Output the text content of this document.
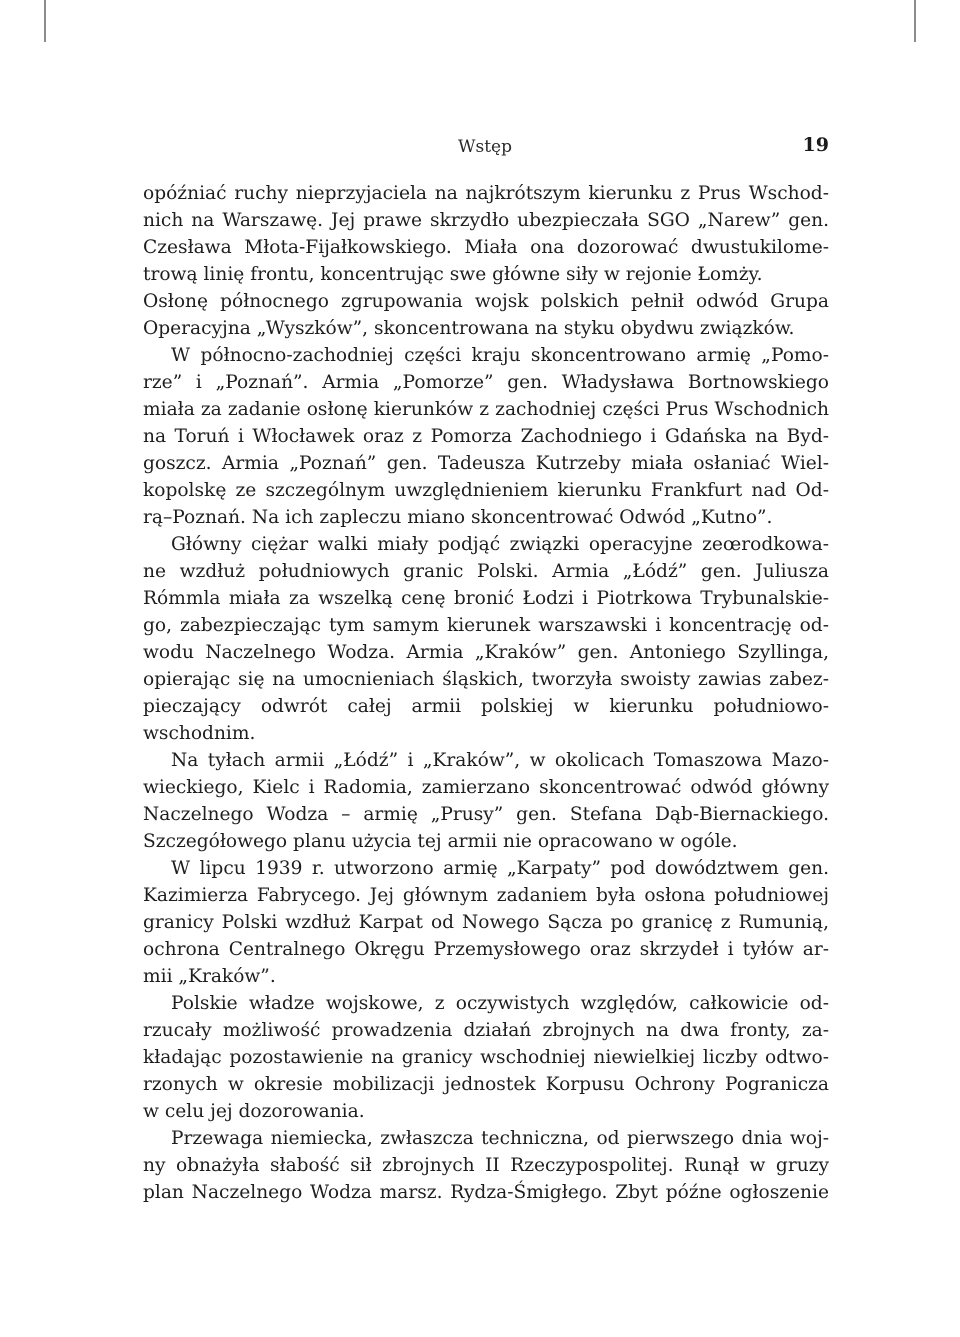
Wstęp	19
opóźniać ruchy nieprzyjaciela na najkrótszym kierunku z Prus Wschod-
nich na Warszawę. Jej prawe skrzydło ubezpieczała SGO „Narew” gen.
Czesława Młota-Fijałkowskiego. Miała ona dozorować dwustukilome-
trową linię frontu, koncentrując swe główne siły w rejonie Łomży.
Osłonę północnego zgrupowania wojsk polskich pełnił odwód Grupa
Operacyjna „Wyszków”, skoncentrowana na styku obydwu związków.
W północno-zachodniej części kraju skoncentrowano armię „Pomo-
rze” i „Poznań”. Armia „Pomorze” gen. Władysława Bortnowskiego
miała za zadanie osłonę kierunków z zachodniej części Prus Wschodnich
na Toruń i Włocławek oraz z Pomorza Zachodniego i Gdańska na Byd-
goszcz. Armia „Poznań” gen. Tadeusza Kutrzeby miała osłaniać Wiel-
kopolskę ze szczególnym uwzględnieniem kierunku Frankfurt nad Od-
rą–Poznań. Na ich zapleczu miano skoncentrować Odwód „Kutno”.
Główny ciężar walki miały podjąć związki operacyjne zeœrodkowa-
ne wzdłuż południowych granic Polski. Armia „Łódź” gen. Juliusza
Rómmla miała za wszelką cenę bronić Łodzi i Piotrkowa Trybunalskie-
go, zabezpieczając tym samym kierunek warszawski i koncentrację od-
wodu Naczelnego Wodza. Armia „Kraków” gen. Antoniego Szyllinga,
opierając się na umocnieniach śląskich, tworzyła swoisty zawias zabez-
pieczający odwrót całej armii polskiej w kierunku południowo-
wschodnim.
Na tyłach armii „Łódź” i „Kraków”, w okolicach Tomaszowa Mazo-
wieckiego, Kielc i Radomia, zamierzano skoncentrować odwód główny
Naczelnego Wodza – armię „Prusy” gen. Stefana Dąb-Biernackiego.
Szczegółowego planu użycia tej armii nie opracowano w ogóle.
W lipcu 1939 r. utworzono armię „Karpaty” pod dowództwem gen.
Kazimierza Fabrycego. Jej głównym zadaniem była osłona południowej
granicy Polski wzdłuż Karpat od Nowego Sącza po granicę z Rumunią,
ochrona Centralnego Okręgu Przemysłowego oraz skrzydeł i tyłów ar-
mii „Kraków”.
Polskie władze wojskowe, z oczywistych względów, całkowicie od-
rzucały możliwość prowadzenia działań zbrojnych na dwa fronty, za-
kładając pozostawienie na granicy wschodniej niewielkiej liczby odtwo-
rzonych w okresie mobilizacji jednostek Korpusu Ochrony Pogranicza
w celu jej dozorowania.
Przewaga niemiecka, zwłaszcza techniczna, od pierwszego dnia woj-
ny obnażyła słabość sił zbrojnych II Rzeczypospolitej. Runął w gruzy
plan Naczelnego Wodza marsz. Rydza-Śmigłego. Zbyt późne ogłoszenie
